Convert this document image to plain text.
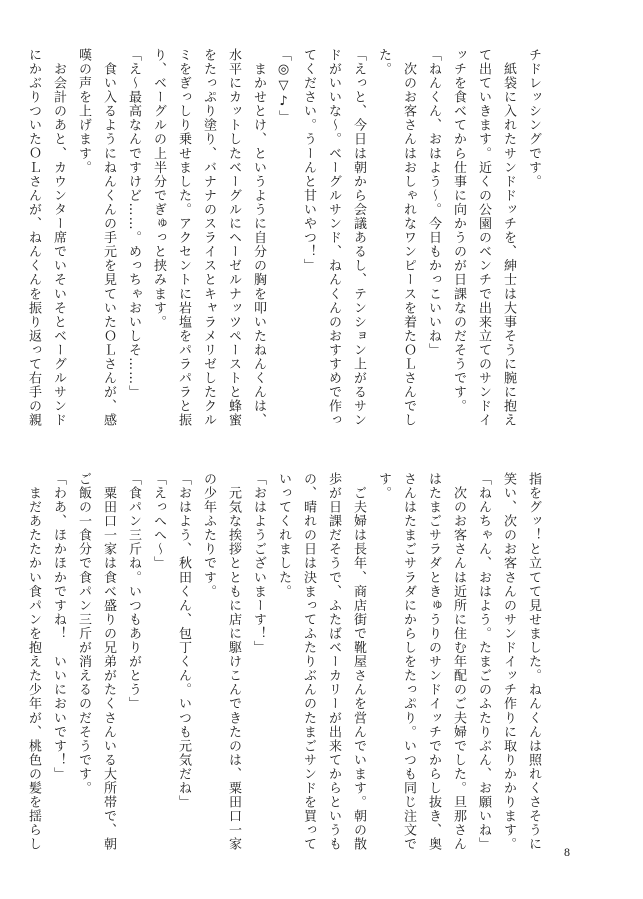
チドレッシングです。
　紙袋に入れたサンドドッチを、紳士は大事そうに腕に抱え
て出ていきます。近くの公園のベンチで出来立てのサンドイ
ッチを食べてから仕事に向かうのが日課なのだそうです。
「ねんくん、おはよう〜。今日もかっこいいね」
　次のお客さんはおしゃれなワンピースを着たＯＬさんでし
た。
「えっと、今日は朝から会議あるし、テンション上がるサン
ドがいいな〜。ベーグルサンド、ねんくんのおすすめで作っ
てください。うーんと甘いやつ！」
「◎▽♪」
　まかせとけ、というように自分の胸を叩いたねんくんは、
水平にカットしたベーグルにヘーゼルナッツペーストと蜂蜜
をたっぷり塗り、バナナのスライスとキャラメリゼしたクル
ミをぎっしり乗せました。アクセントに岩塩をパラパラと振
り、ベーグルの上半分でぎゅっと挟みます。
「え〜最高なんですけど……。めっちゃおいしそ……」
　食い入るようにねんくんの手元を見ていたＯＬさんが、感
嘆の声を上げます。
　お会計のあと、カウンター席でいそいそとベーグルサンド
にかぶりついたＯＬさんが、ねんくんを振り返って右手の親
指をグッ！と立てて見せました。ねんくんは照れくさそうに
笑い、次のお客さんのサンドイッチ作りに取りかかります。
「ねんちゃん、おはよう。たまごのふたりぶん、お願いね」
　次のお客さんは近所に住む年配のご夫婦でした。旦那さん
はたまごサラダときゅうりのサンドイッチでからし抜き、奥
さんはたまごサラダにからしをたっぷり。いつも同じ注文で
す。
　ご夫婦は長年、商店街で靴屋さんを営んでいます。朝の散
歩が日課だそうで、ふたばベーカリーが出来てからというも
の、晴れの日は決まってふたりぶんのたまごサンドを買って
いってくれました。
「おはようございまーす！」
　元気な挨拶とともに店に駆けこんできたのは、粟田口一家
の少年ふたりです。
「おはよう、秋田くん、包丁くん。いつも元気だね」
「えっへへ〜」
「食パン三斤ね。いつもありがとう」
　粟田口一家は食べ盛りの兄弟がたくさんいる大所帯で、朝
ご飯の一食分で食パン三斤が消えるのだそうです。
「わあ、ほかほかですね！　いいにおいです！」
　まだあたたかい食パンを抱えた少年が、桃色の髪を揺らし
8
